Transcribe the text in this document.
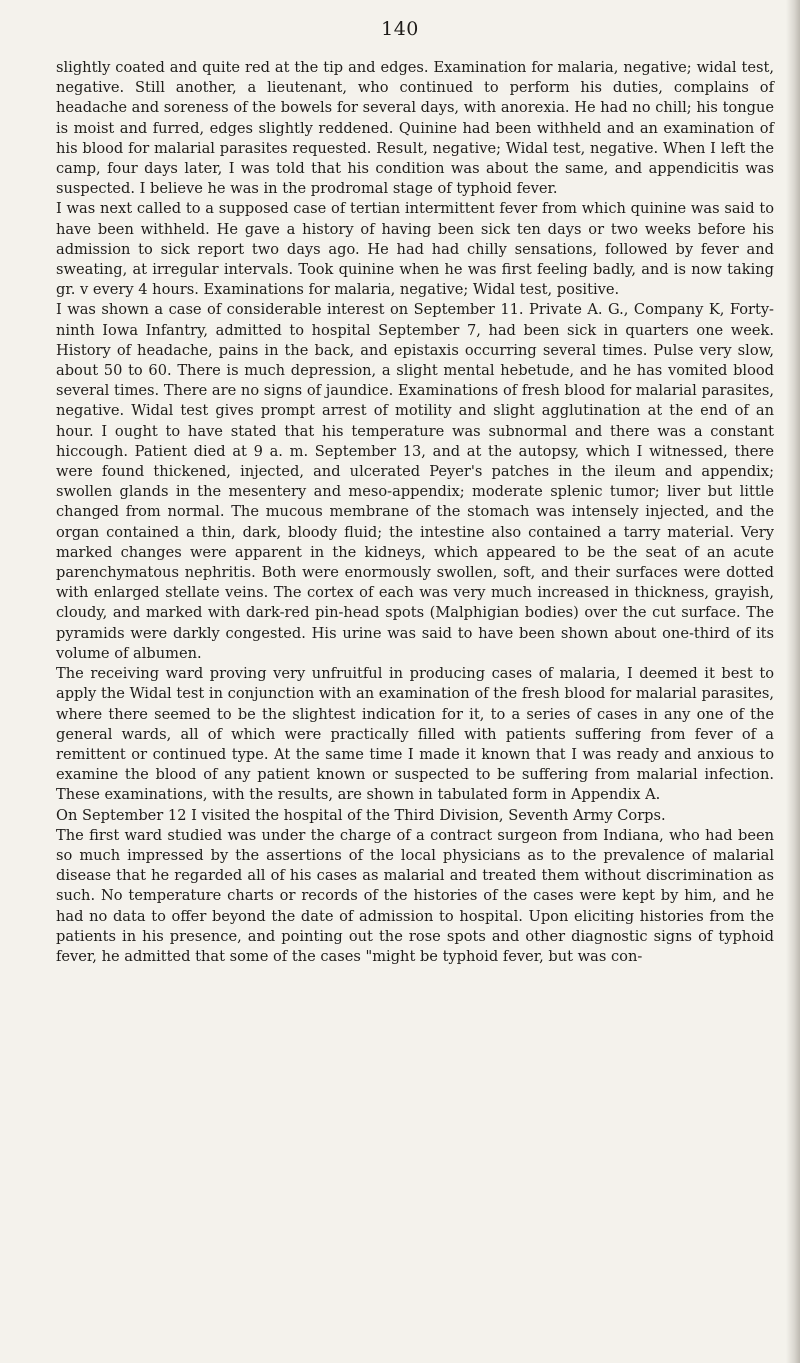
140

slightly coated and quite red at the tip and edges. Examination for malaria, negative; widal test, negative. Still another, a lieutenant, who continued to perform his duties, complains of headache and soreness of the bowels for several days, with anorexia. He had no chill; his tongue is moist and furred, edges slightly reddened. Quinine had been withheld and an examination of his blood for malarial parasites requested. Result, negative; Widal test, negative. When I left the camp, four days later, I was told that his condition was about the same, and appendicitis was suspected. I believe he was in the prodromal stage of typhoid fever.

I was next called to a supposed case of tertian intermittent fever from which quinine was said to have been withheld. He gave a history of having been sick ten days or two weeks before his admission to sick report two days ago. He had had chilly sensations, followed by fever and sweating, at irregular intervals. Took quinine when he was first feeling badly, and is now taking gr. v every 4 hours. Examinations for malaria, negative; Widal test, positive.

I was shown a case of considerable interest on September 11. Private A. G., Company K, Forty-ninth Iowa Infantry, admitted to hospital September 7, had been sick in quarters one week. History of headache, pains in the back, and epistaxis occurring several times. Pulse very slow, about 50 to 60. There is much depression, a slight mental hebetude, and he has vomited blood several times. There are no signs of jaundice. Examinations of fresh blood for malarial parasites, negative. Widal test gives prompt arrest of motility and slight agglutination at the end of an hour. I ought to have stated that his temperature was subnormal and there was a constant hiccough. Patient died at 9 a. m. September 13, and at the autopsy, which I witnessed, there were found thickened, injected, and ulcerated Peyer's patches in the ileum and appendix; swollen glands in the mesentery and meso-appendix; moderate splenic tumor; liver but little changed from normal. The mucous membrane of the stomach was intensely injected, and the organ contained a thin, dark, bloody fluid; the intestine also contained a tarry material. Very marked changes were apparent in the kidneys, which appeared to be the seat of an acute parenchymatous nephritis. Both were enormously swollen, soft, and their surfaces were dotted with enlarged stellate veins. The cortex of each was very much increased in thickness, grayish, cloudy, and marked with dark-red pin-head spots (Malphigian bodies) over the cut surface. The pyramids were darkly congested. His urine was said to have been shown about one-third of its volume of albumen.

The receiving ward proving very unfruitful in producing cases of malaria, I deemed it best to apply the Widal test in conjunction with an examination of the fresh blood for malarial parasites, where there seemed to be the slightest indication for it, to a series of cases in any one of the general wards, all of which were practically filled with patients suffering from fever of a remittent or continued type. At the same time I made it known that I was ready and anxious to examine the blood of any patient known or suspected to be suffering from malarial infection. These examinations, with the results, are shown in tabulated form in Appendix A.

On September 12 I visited the hospital of the Third Division, Seventh Army Corps.

The first ward studied was under the charge of a contract surgeon from Indiana, who had been so much impressed by the assertions of the local physicians as to the prevalence of malarial disease that he regarded all of his cases as malarial and treated them without discrimination as such. No temperature charts or records of the histories of the cases were kept by him, and he had no data to offer beyond the date of admission to hospital. Upon eliciting histories from the patients in his presence, and pointing out the rose spots and other diagnostic signs of typhoid fever, he admitted that some of the cases "might be typhoid fever, but was con-
